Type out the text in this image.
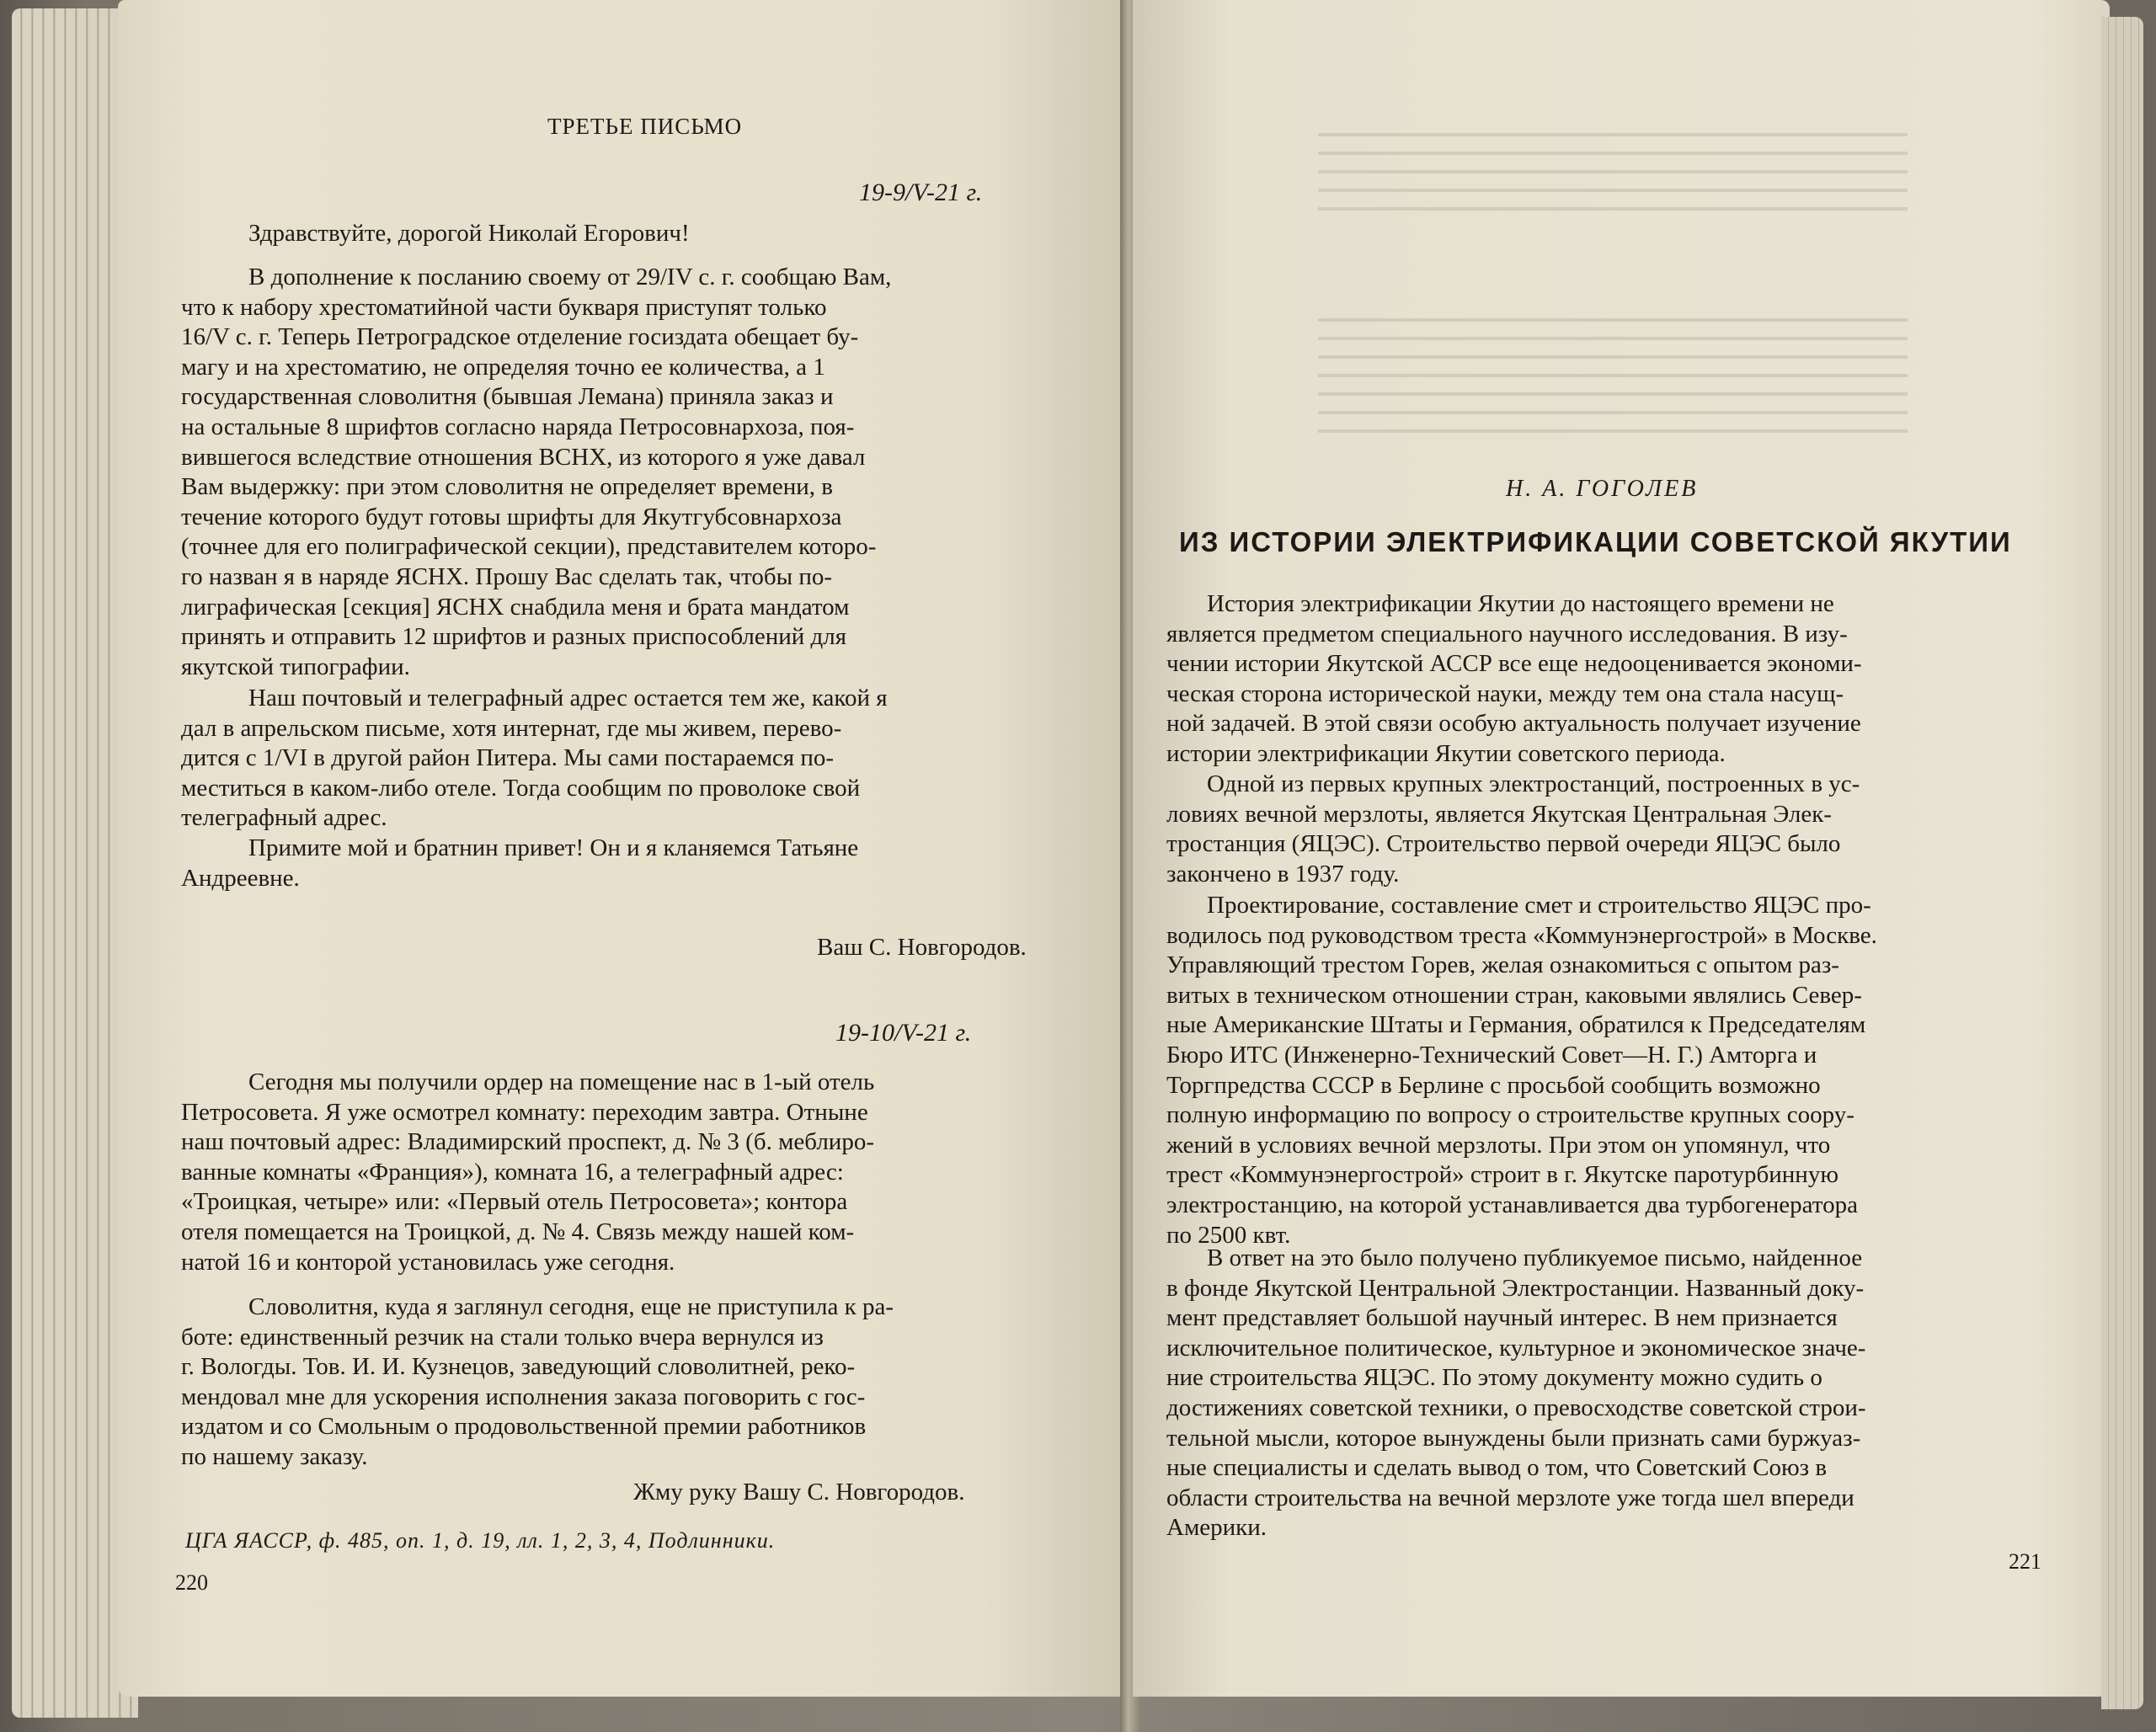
ТРЕТЬЕ ПИСЬМО
19-9/V-21 г.
Здравствуйте, дорогой Николай Егорович!
В дополнение к посланию своему от 29/IV с. г. сообщаю Вам,
что к набору хрестоматийной части букваря приступят только
16/V с. г. Теперь Петроградское отделение госиздата обещает бу-
магу и на хрестоматию, не определяя точно ее количества, а 1
государственная словолитня (бывшая Лемана) приняла заказ и
на остальные 8 шрифтов согласно наряда Петросовнархоза, поя-
вившегося вследствие отношения ВСНХ, из которого я уже давал
Вам выдержку: при этом словолитня не определяет времени, в
течение которого будут готовы шрифты для Якутгубсовнархоза
(точнее для его полиграфической секции), представителем которо-
го назван я в наряде ЯСНХ. Прошу Вас сделать так, чтобы по-
лиграфическая [секция] ЯСНХ снабдила меня и брата мандатом
принять и отправить 12 шрифтов и разных приспособлений для
якутской типографии.
Наш почтовый и телеграфный адрес остается тем же, какой я
дал в апрельском письме, хотя интернат, где мы живем, перево-
дится с 1/VI в другой район Питера. Мы сами постараемся по-
меститься в каком-либо отеле. Тогда сообщим по проволоке свой
телеграфный адрес.
Примите мой и братнин привет! Он и я кланяемся Татьяне
Андреевне.
Ваш С. Новгородов.
19-10/V-21 г.
Сегодня мы получили ордер на помещение нас в 1-ый отель
Петросовета. Я уже осмотрел комнату: переходим завтра. Отныне
наш почтовый адрес: Владимирский проспект, д. № 3 (б. меблиро-
ванные комнаты «Франция»), комната 16, а телеграфный адрес:
«Троицкая, четыре» или: «Первый отель Петросовета»; контора
отеля помещается на Троицкой, д. № 4. Связь между нашей ком-
натой 16 и конторой установилась уже сегодня.
Словолитня, куда я заглянул сегодня, еще не приступила к ра-
боте: единственный резчик на стали только вчера вернулся из
г. Вологды. Тов. И. И. Кузнецов, заведующий словолитней, реко-
мендовал мне для ускорения исполнения заказа поговорить с гос-
издатом и со Смольным о продовольственной премии работников
по нашему заказу.
Жму руку Вашу С. Новгородов.
ЦГА ЯАССР, ф. 485, оп. 1, д. 19, лл. 1, 2, 3, 4, Подлинники.
220
Н. А. ГОГОЛЕВ
ИЗ ИСТОРИИ ЭЛЕКТРИФИКАЦИИ СОВЕТСКОЙ ЯКУТИИ
История электрификации Якутии до настоящего времени не
является предметом специального научного исследования. В изу-
чении истории Якутской АССР все еще недооценивается экономи-
ческая сторона исторической науки, между тем она стала насущ-
ной задачей. В этой связи особую актуальность получает изучение
истории электрификации Якутии советского периода.
Одной из первых крупных электростанций, построенных в ус-
ловиях вечной мерзлоты, является Якутская Центральная Элек-
тростанция (ЯЦЭС). Строительство первой очереди ЯЦЭС было
закончено в 1937 году.
Проектирование, составление смет и строительство ЯЦЭС про-
водилось под руководством треста «Коммунэнергострой» в Москве.
Управляющий трестом Горев, желая ознакомиться с опытом раз-
витых в техническом отношении стран, каковыми являлись Север-
ные Американские Штаты и Германия, обратился к Председателям
Бюро ИТС (Инженерно-Технический Совет—Н. Г.) Амторга и
Торгпредства СССР в Берлине с просьбой сообщить возможно
полную информацию по вопросу о строительстве крупных соору-
жений в условиях вечной мерзлоты. При этом он упомянул, что
трест «Коммунэнергострой» строит в г. Якутске паротурбинную
электростанцию, на которой устанавливается два турбогенератора
по 2500 квт.
В ответ на это было получено публикуемое письмо, найденное
в фонде Якутской Центральной Электростанции. Названный доку-
мент представляет большой научный интерес. В нем признается
исключительное политическое, культурное и экономическое значе-
ние строительства ЯЦЭС. По этому документу можно судить о
достижениях советской техники, о превосходстве советской строи-
тельной мысли, которое вынуждены были признать сами буржуаз-
ные специалисты и сделать вывод о том, что Советский Союз в
области строительства на вечной мерзлоте уже тогда шел впереди
Америки.
221
